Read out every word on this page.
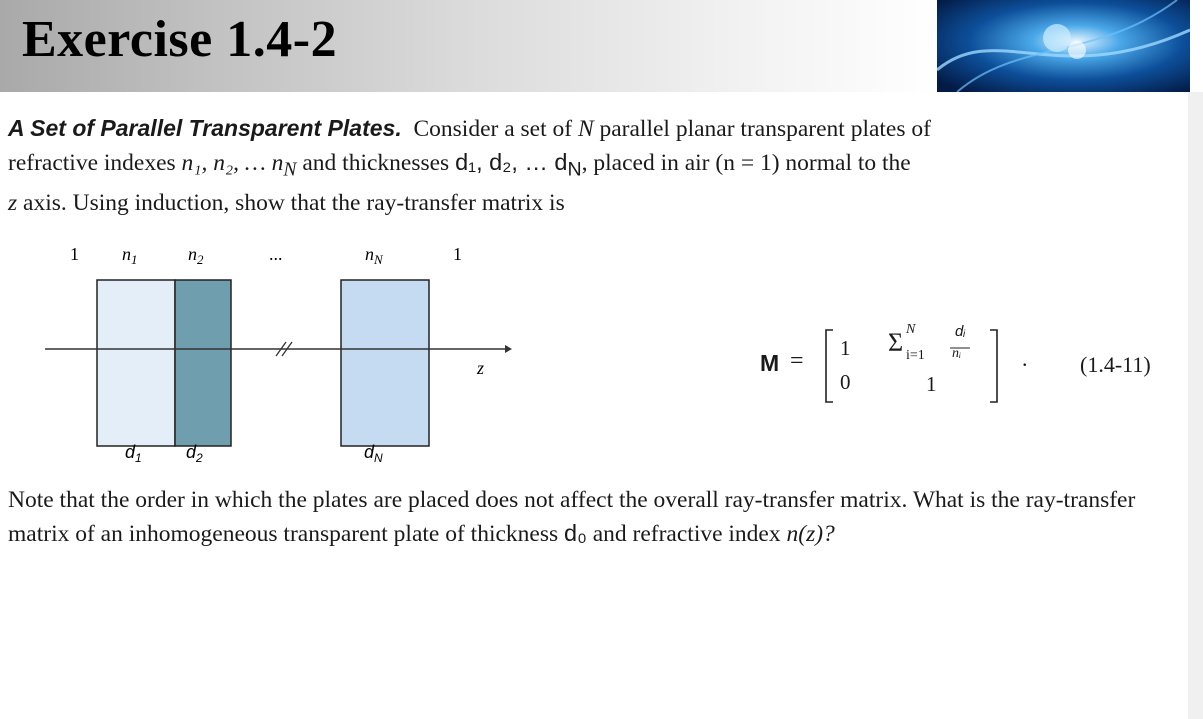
Exercise 1.4-2
A Set of Parallel Transparent Plates. Consider a set of N parallel planar transparent plates of
refractive indexes n₁, n₂, … $n_N$ and thicknesses d₁, d₂, … $d_N$, placed in air (n = 1) normal to the
z axis. Using induction, show that the ray-transfer matrix is
1 $n_1$	$n_2$	...	$n_N$	1
z
$d_1$ $d_2$	$d_N$
M = 1
0
Σ N
i=1
dᵢ
nᵢ
1
. (1.4-11)
Note that the order in which the plates are placed does not affect the overall ray-transfer matrix. What is the ray-transfer matrix of an inhomogeneous transparent plate of thickness d₀ and refractive index n(z)?
